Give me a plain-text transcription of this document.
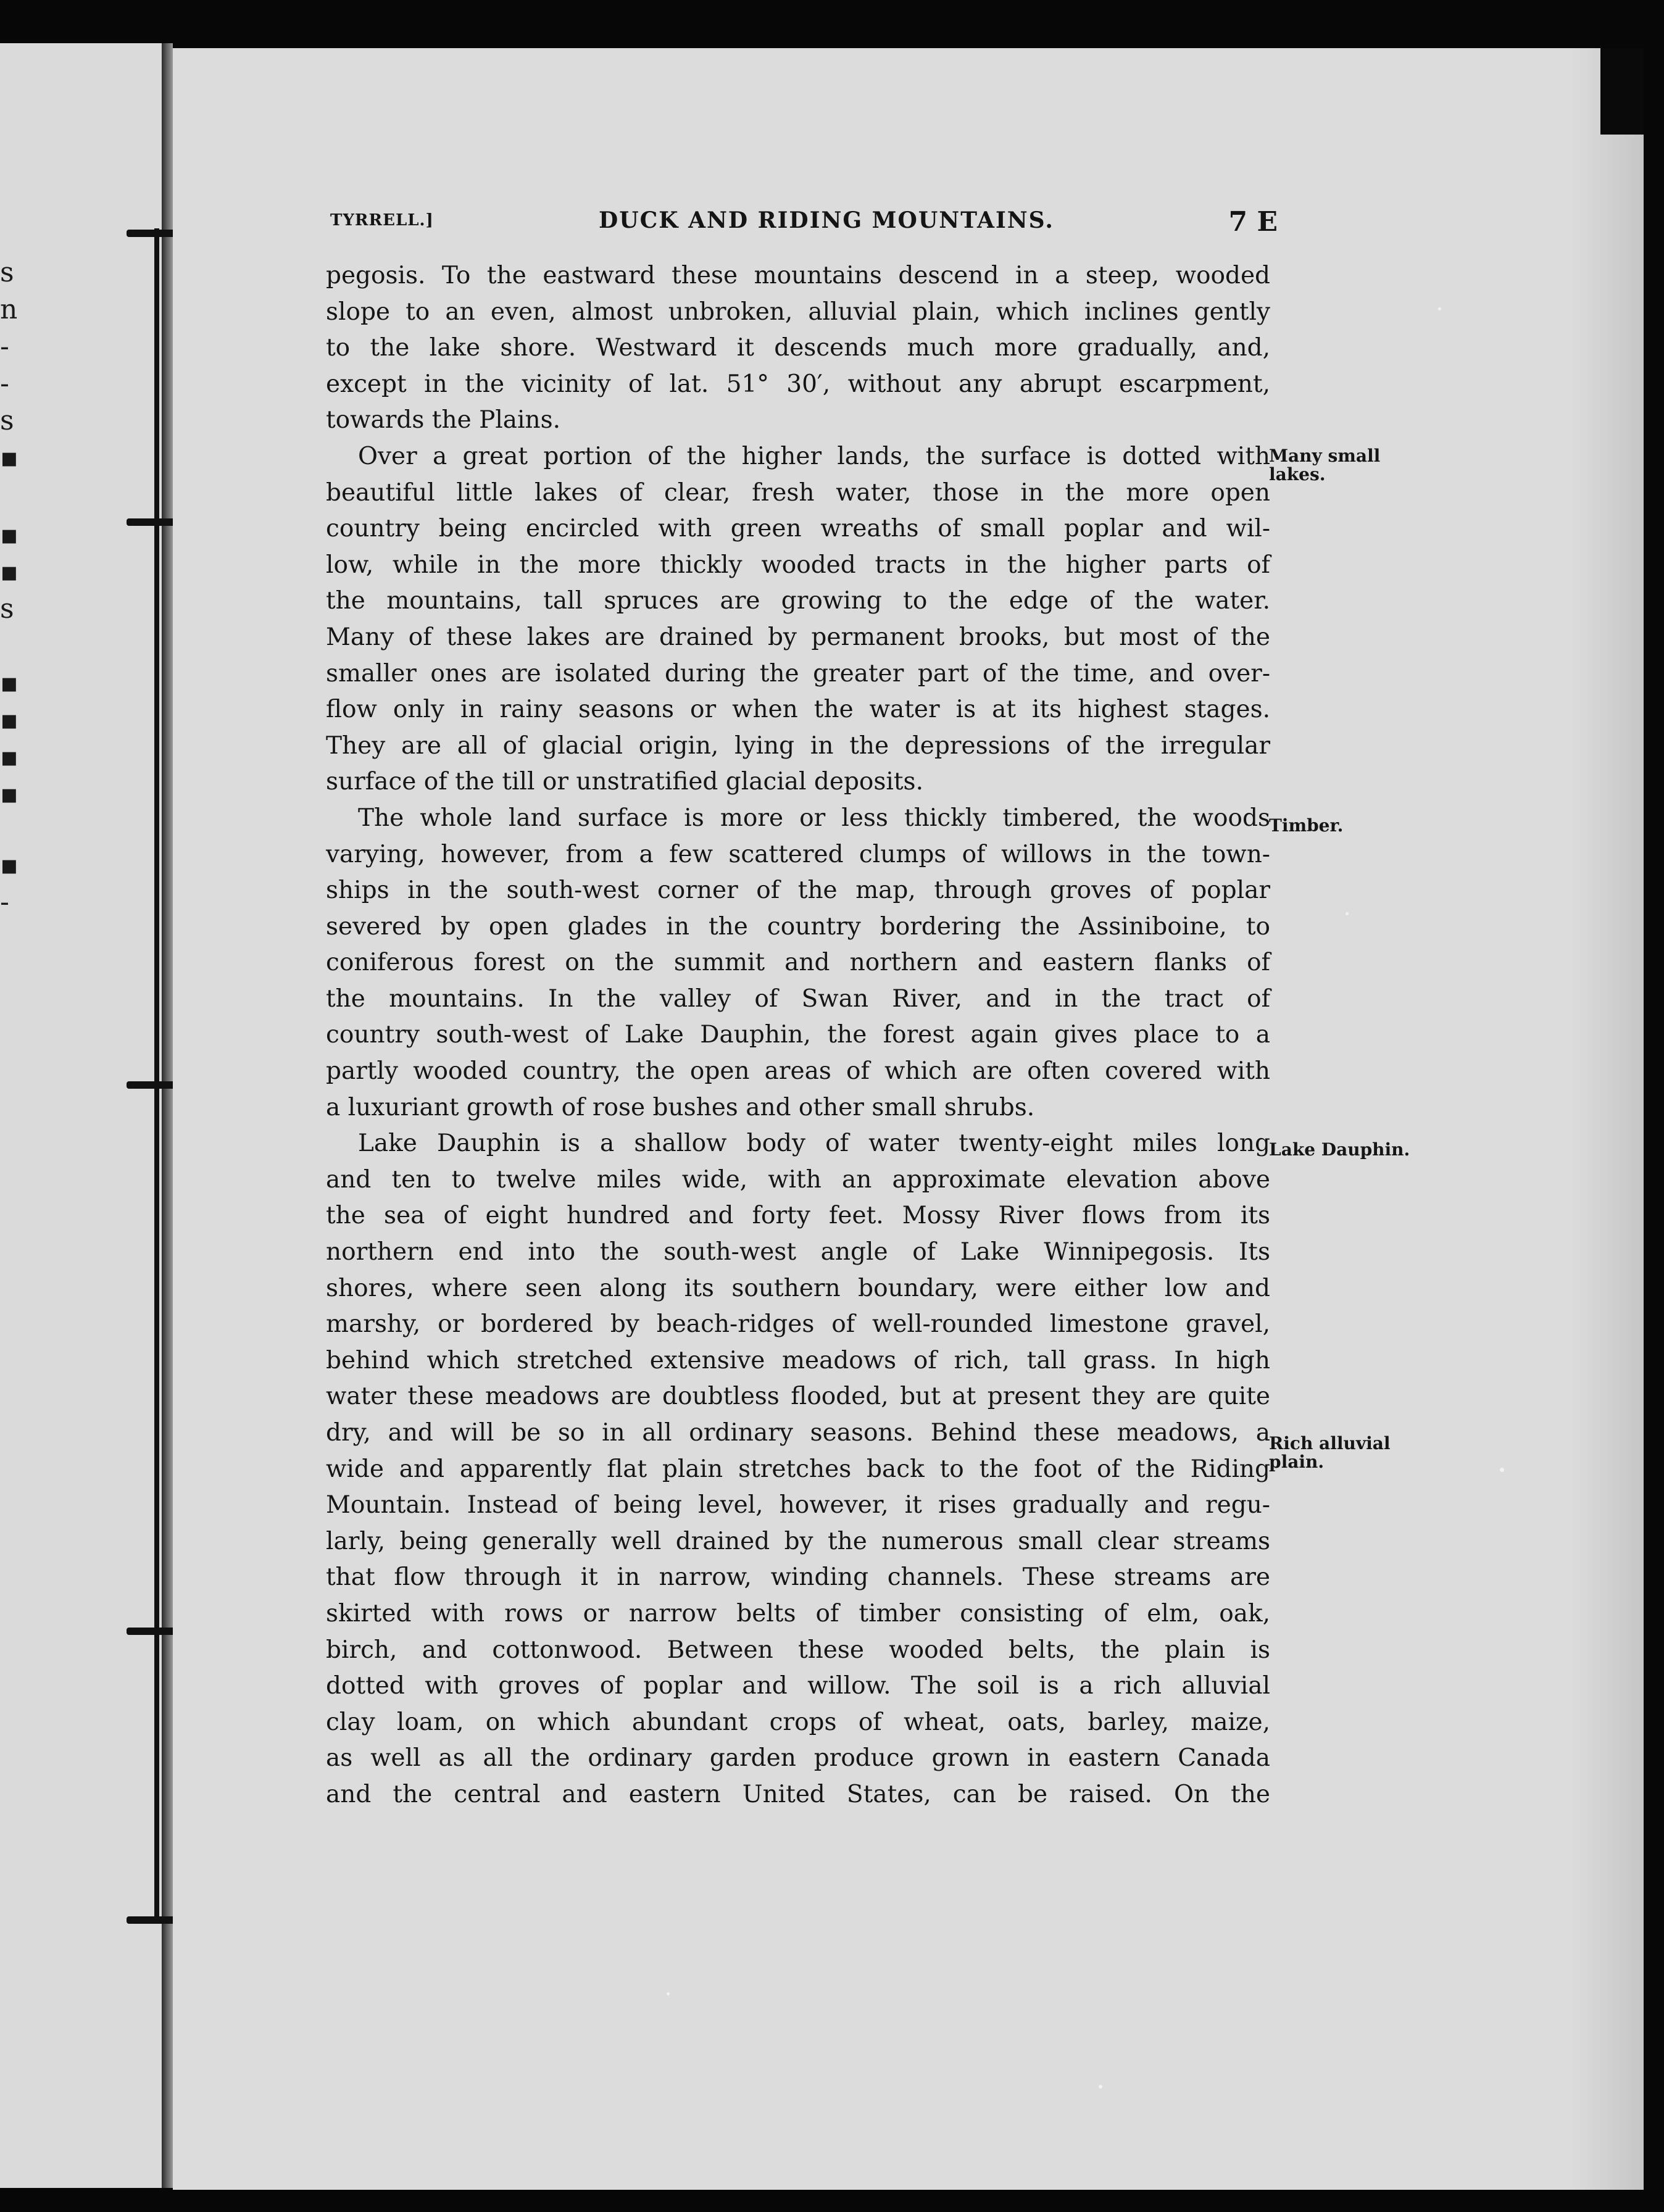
s
n
-
-
s
▪
▪
▪
s
▪
▪
▪
▪
▪
-
TYRRELL.]	DUCK AND RIDING MOUNTAINS.	7 E
pegosis. To the eastward these mountains descend in a steep, wooded
slope to an even, almost unbroken, alluvial plain, which inclines gently
to the lake shore. Westward it descends much more gradually, and,
except in the vicinity of lat. 51° 30′, without any abrupt escarpment,
towards the Plains.
Over a great portion of the higher lands, the surface is dotted with
beautiful little lakes of clear, fresh water, those in the more open
country being encircled with green wreaths of small poplar and wil-
low, while in the more thickly wooded tracts in the higher parts of
the mountains, tall spruces are growing to the edge of the water.
Many of these lakes are drained by permanent brooks, but most of the
smaller ones are isolated during the greater part of the time, and over-
flow only in rainy seasons or when the water is at its highest stages.
They are all of glacial origin, lying in the depressions of the irregular
surface of the till or unstratified glacial deposits.
The whole land surface is more or less thickly timbered, the woods
varying, however, from a few scattered clumps of willows in the town-
ships in the south-west corner of the map, through groves of poplar
severed by open glades in the country bordering the Assiniboine, to
coniferous forest on the summit and northern and eastern flanks of
the mountains. In the valley of Swan River, and in the tract of
country south-west of Lake Dauphin, the forest again gives place to a
partly wooded country, the open areas of which are often covered with
a luxuriant growth of rose bushes and other small shrubs.
Lake Dauphin is a shallow body of water twenty-eight miles long
and ten to twelve miles wide, with an approximate elevation above
the sea of eight hundred and forty feet. Mossy River flows from its
northern end into the south-west angle of Lake Winnipegosis. Its
shores, where seen along its southern boundary, were either low and
marshy, or bordered by beach-ridges of well-rounded limestone gravel,
behind which stretched extensive meadows of rich, tall grass. In high
water these meadows are doubtless flooded, but at present they are quite
dry, and will be so in all ordinary seasons. Behind these meadows, a
wide and apparently flat plain stretches back to the foot of the Riding
Mountain. Instead of being level, however, it rises gradually and regu-
larly, being generally well drained by the numerous small clear streams
that flow through it in narrow, winding channels. These streams are
skirted with rows or narrow belts of timber consisting of elm, oak,
birch, and cottonwood. Between these wooded belts, the plain is
dotted with groves of poplar and willow. The soil is a rich alluvial
clay loam, on which abundant crops of wheat, oats, barley, maize,
as well as all the ordinary garden produce grown in eastern Canada
and the central and eastern United States, can be raised. On the
Many small
lakes.
Timber.
Lake Dauphin.
Rich alluvial
plain.
